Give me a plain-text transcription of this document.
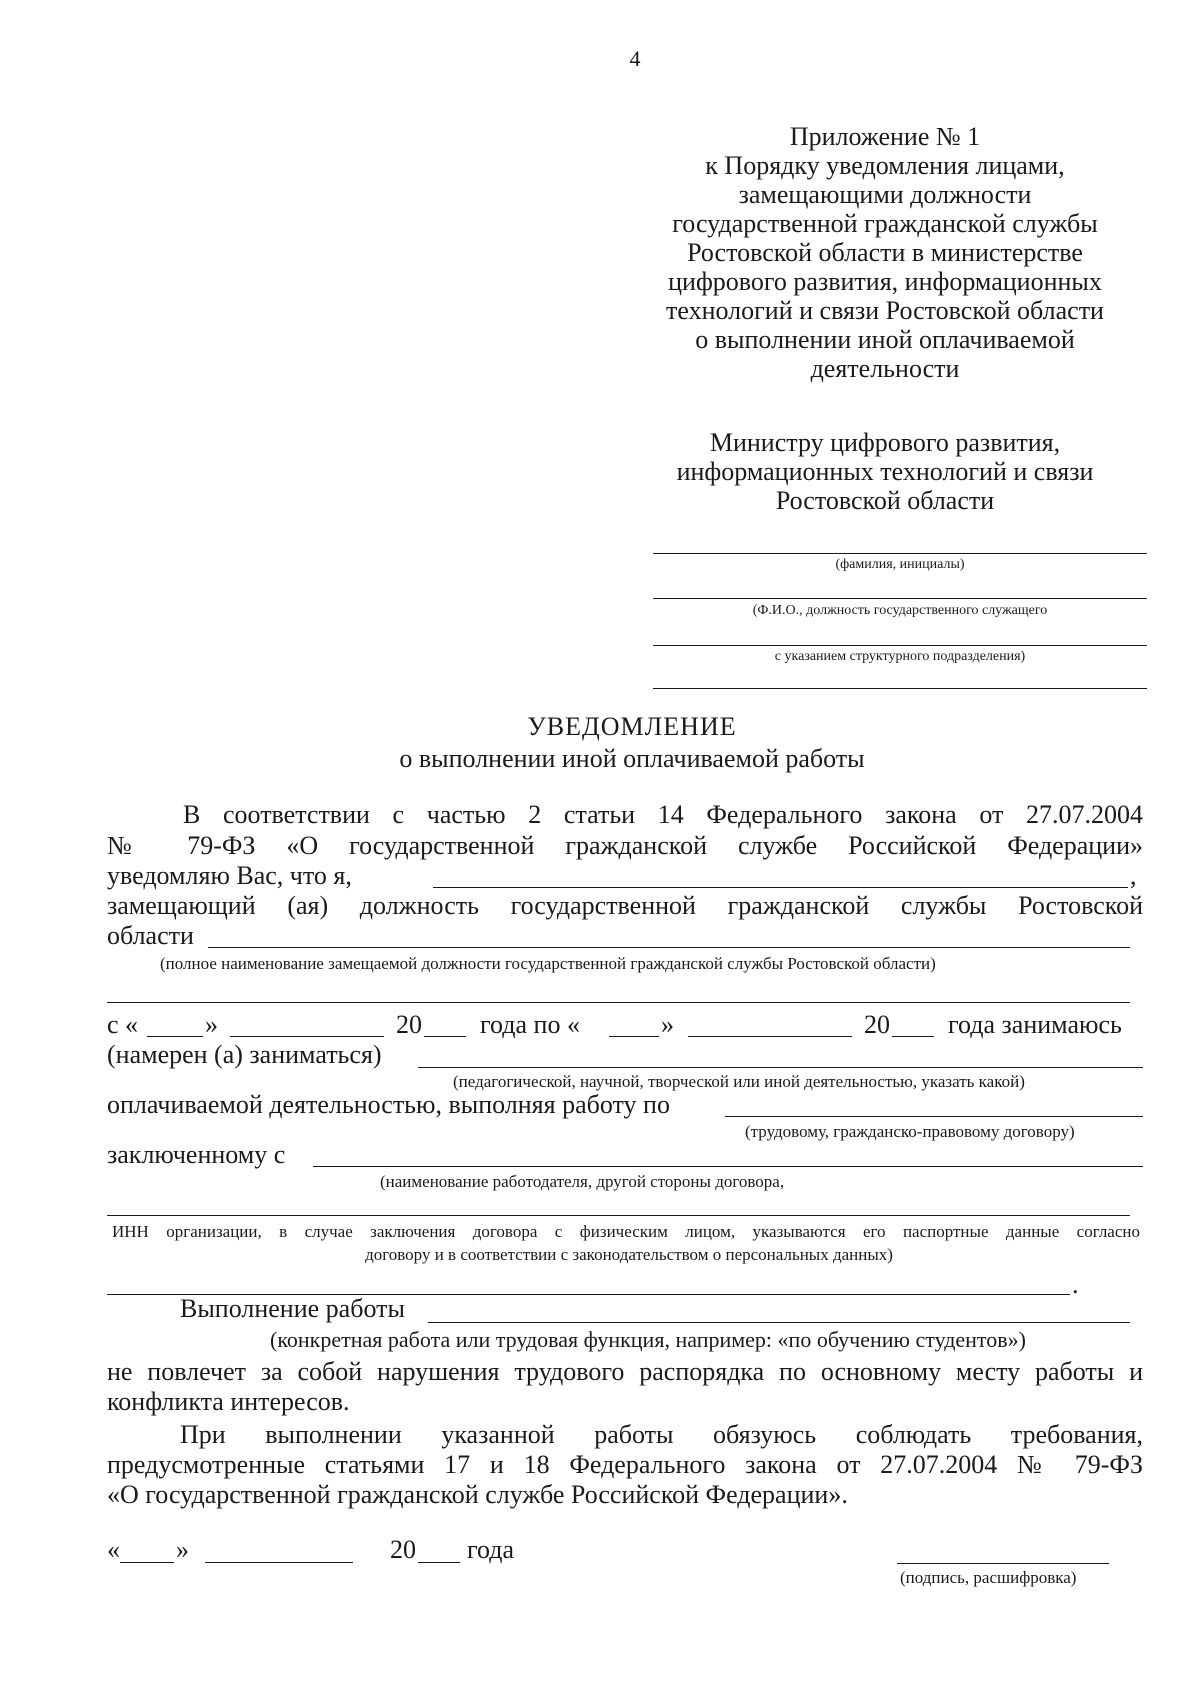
4
Приложение № 1
к Порядку уведомления лицами,
замещающими должности
государственной гражданской службы
Ростовской области в министерстве
цифрового развития, информационных
технологий и связи Ростовской области
о выполнении иной оплачиваемой
деятельности
Министру цифрового развития,
информационных технологий и связи
Ростовской области
(фамилия, инициалы)
(Ф.И.О., должность государственного служащего
с указанием структурного подразделения)
УВЕДОМЛЕНИЕ
о выполнении иной оплачиваемой работы
В соответствии с частью 2 статьи 14 Федерального закона от 27.07.2004
№ 79-ФЗ «О государственной гражданской службе Российской Федерации»
уведомляю Вас, что я,	,
замещающий (ая) должность государственной гражданской службы Ростовской
области
(полное наименование замещаемой должности государственной гражданской службы Ростовской области)
с «	»	20 года по «	»	20 года занимаюсь
(намерен (а) заниматься)
(педагогической, научной, творческой или иной деятельностью, указать какой)
оплачиваемой деятельностью, выполняя работу по
(трудовому, гражданско-правовому договору)
заключенному с
(наименование работодателя, другой стороны договора,
ИНН организации, в случае заключения договора с физическим лицом, указываются его паспортные данные согласно
договору и в соответствии с законодательством о персональных данных)
.
Выполнение работы
(конкретная работа или трудовая функция, например: «по обучению студентов»)
не повлечет за собой нарушения трудового распорядка по основному месту работы и
конфликта интересов.
При выполнении указанной работы обязуюсь соблюдать требования,
предусмотренные статьями 17 и 18 Федерального закона от 27.07.2004 № 79-ФЗ
«О государственной гражданской службе Российской Федерации».
« »	20 года
(подпись, расшифровка)
